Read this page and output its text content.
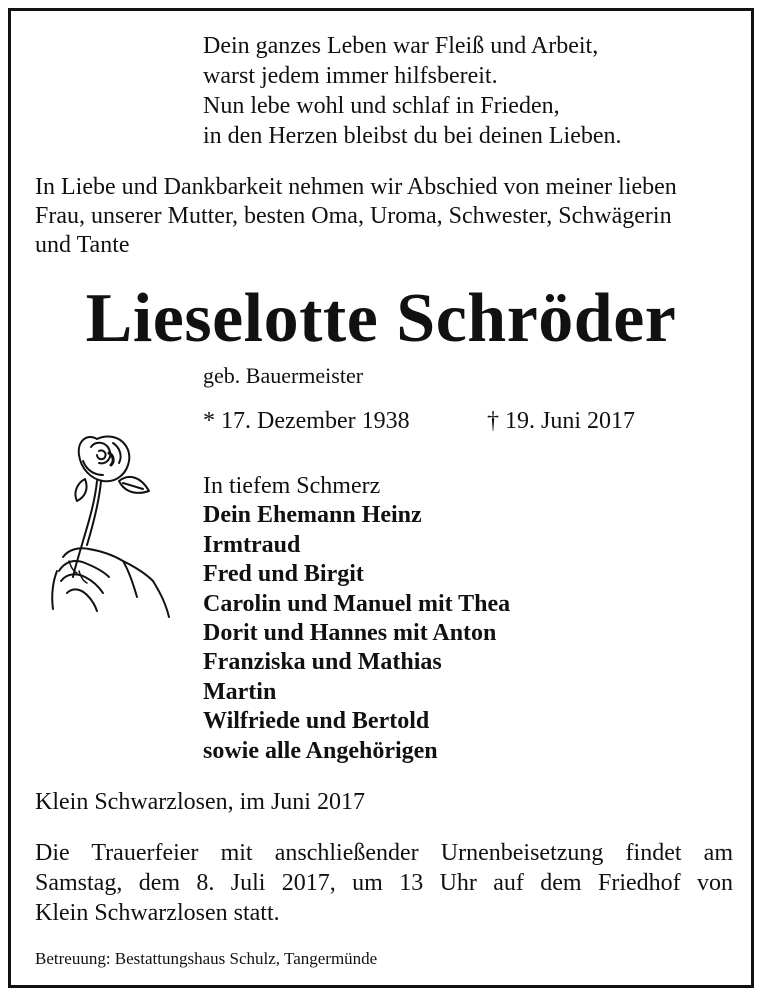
Dein ganzes Leben war Fleiß und Arbeit,
warst jedem immer hilfsbereit.
Nun lebe wohl und schlaf in Frieden,
in den Herzen bleibst du bei deinen Lieben.
In Liebe und Dankbarkeit nehmen wir Abschied von meiner lieben
Frau, unserer Mutter, besten Oma, Uroma, Schwester, Schwägerin
und Tante
Lieselotte Schröder
geb. Bauermeister
* 17. Dezember 1938	† 19. Juni 2017
In tiefem Schmerz
Dein Ehemann Heinz
Irmtraud
Fred und Birgit
Carolin und Manuel mit Thea
Dorit und Hannes mit Anton
Franziska und Mathias
Martin
Wilfriede und Bertold
sowie alle Angehörigen
Klein Schwarzlosen, im Juni 2017
Die Trauerfeier mit anschließender Urnenbeisetzung findet am
Samstag, dem 8. Juli 2017, um 13 Uhr auf dem Friedhof von
Klein Schwarzlosen statt.
Betreuung: Bestattungshaus Schulz, Tangermünde
